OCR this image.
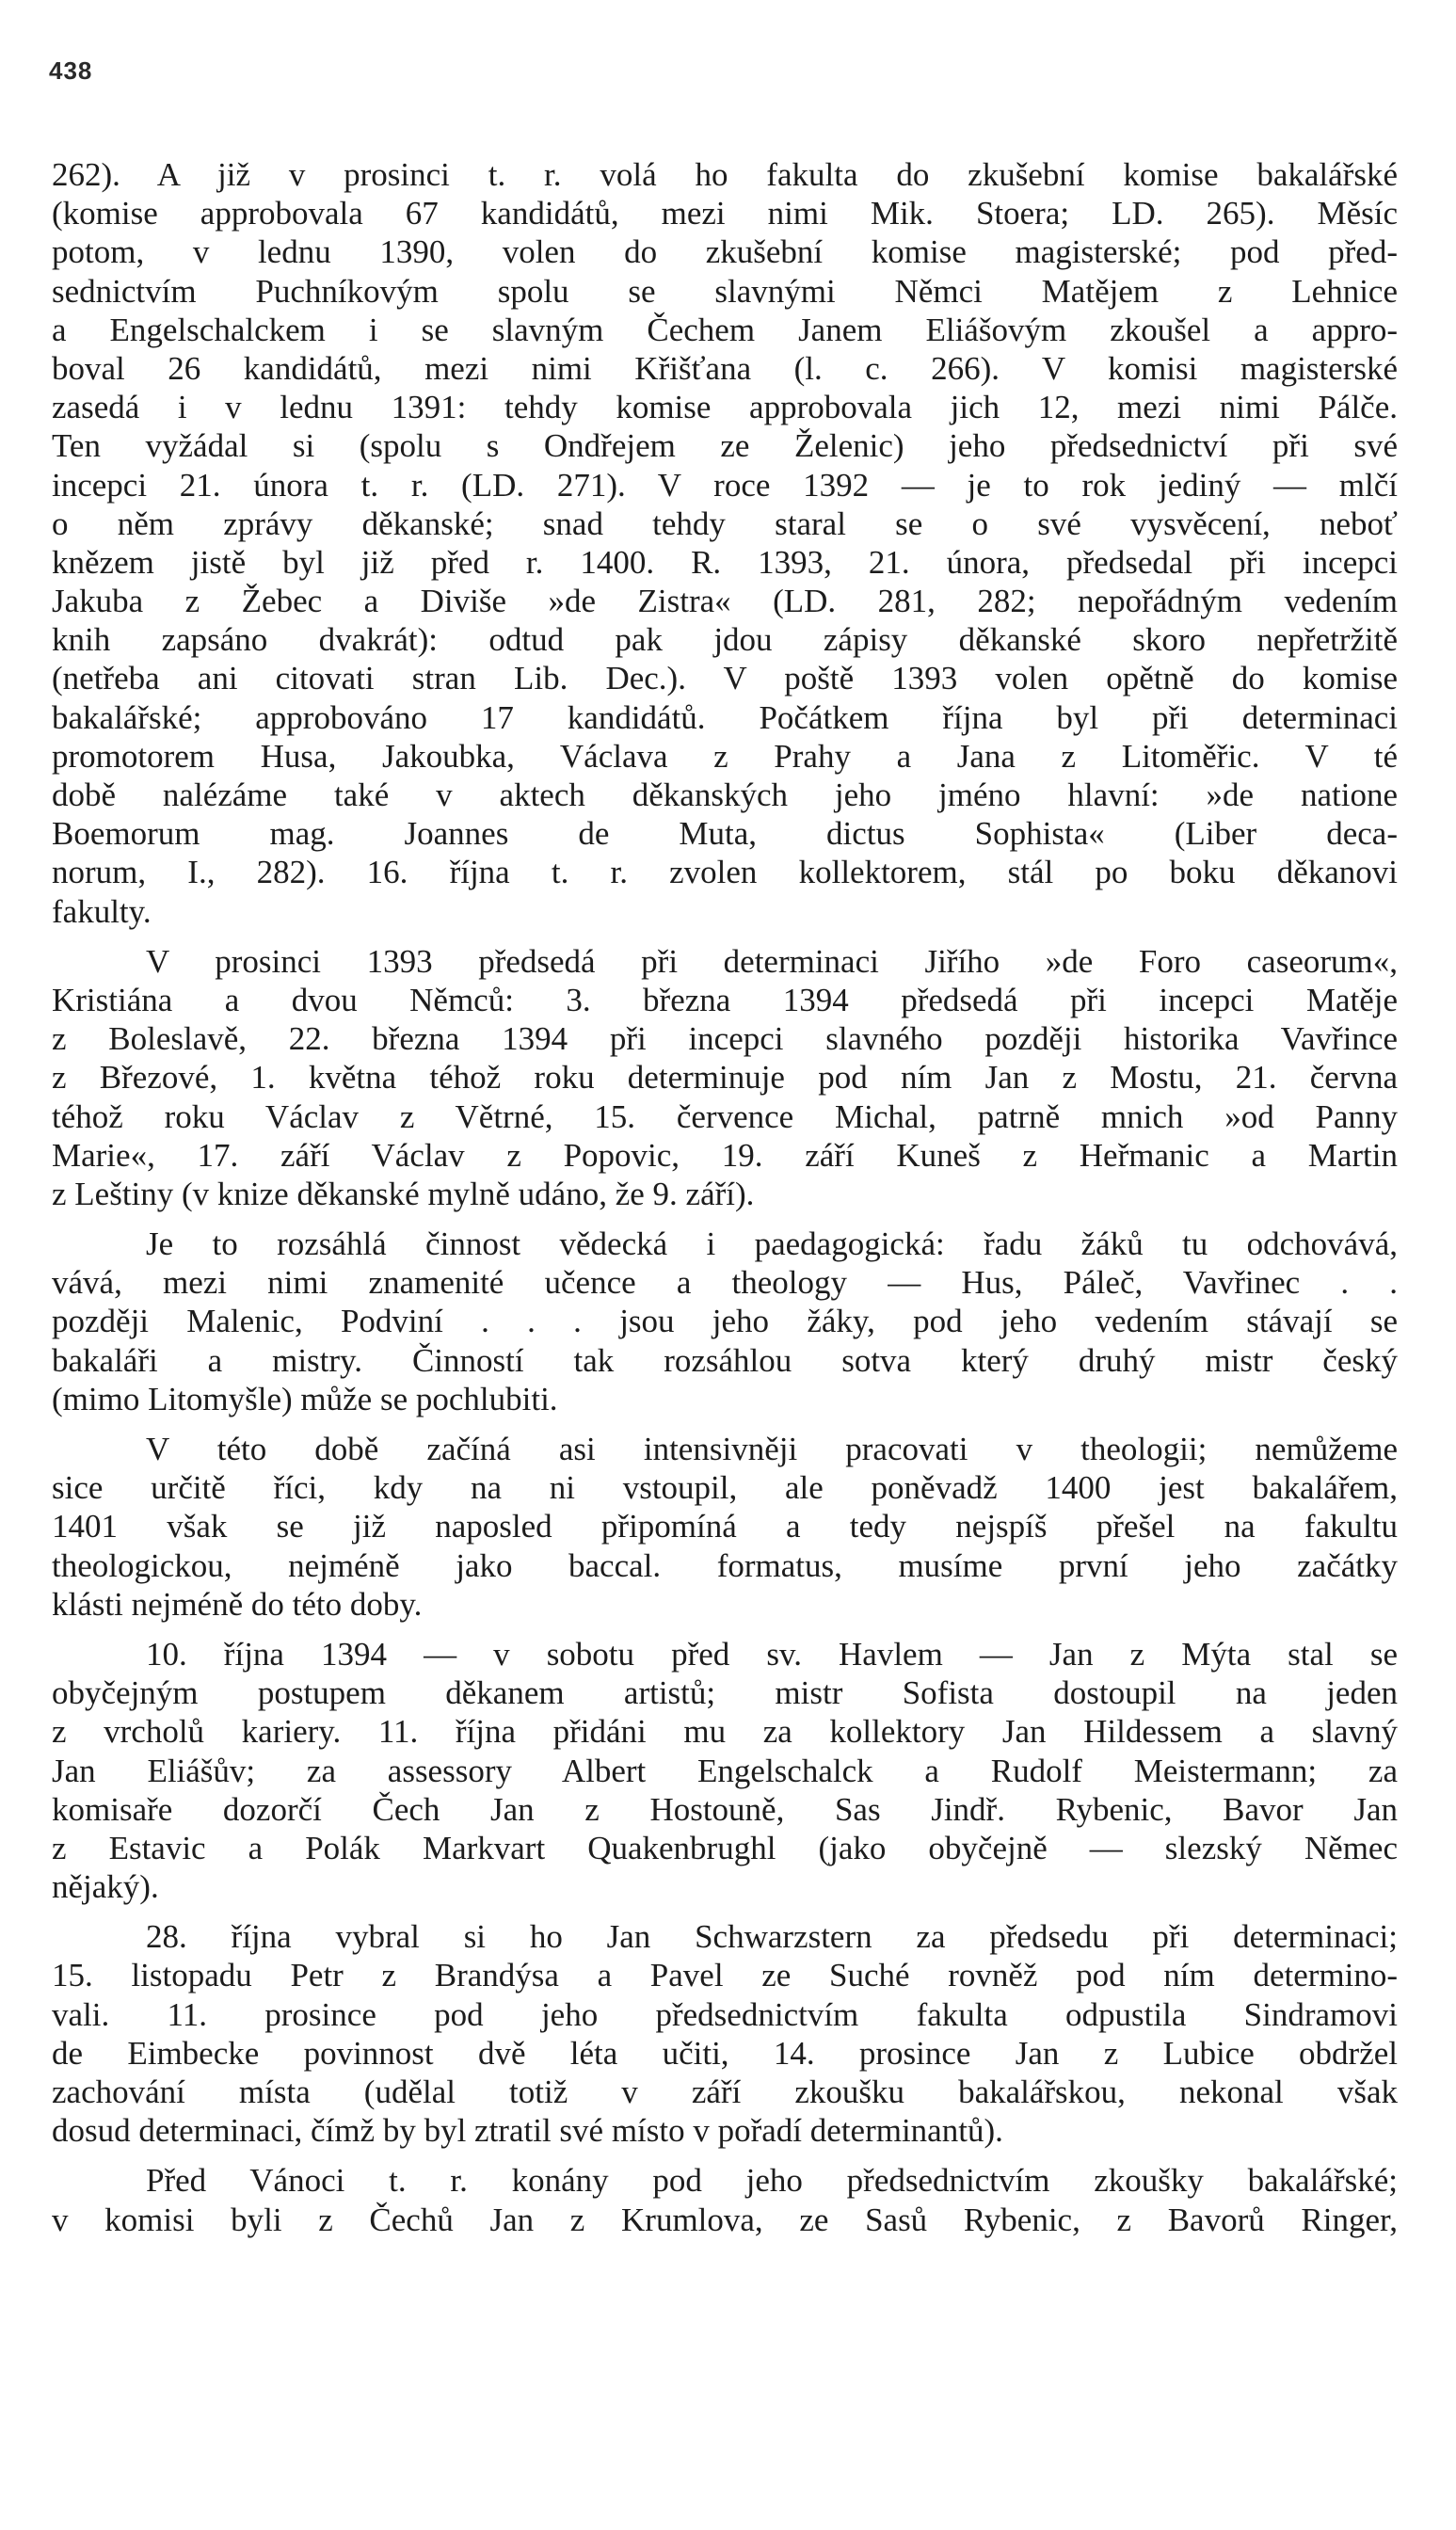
438
262). A již v prosinci t. r. volá ho fakulta do zkušební komise bakalářské
(komise approbovala 67 kandidátů, mezi nimi Mik. Stoera; LD. 265). Měsíc
potom, v lednu 1390, volen do zkušební komise magisterské; pod před-
sednictvím Puchníkovým spolu se slavnými Němci Matějem z Lehnice
a Engelschalckem i se slavným Čechem Janem Eliášovým zkoušel a appro-
boval 26 kandidátů, mezi nimi Křišťana (l. c. 266). V komisi magisterské
zasedá i v lednu 1391: tehdy komise approbovala jich 12, mezi nimi Pálče.
Ten vyžádal si (spolu s Ondřejem ze Želenic) jeho předsednictví při své
incepci 21. února t. r. (LD. 271). V roce 1392 — je to rok jediný — mlčí
o něm zprávy děkanské; snad tehdy staral se o své vysvěcení, neboť
knězem jistě byl již před r. 1400. R. 1393, 21. února, předsedal při incepci
Jakuba z Žebec a Diviše »de Zistra« (LD. 281, 282; nepořádným vedením
knih zapsáno dvakrát): odtud pak jdou zápisy děkanské skoro nepřetržitě
(netřeba ani citovati stran Lib. Dec.). V poště 1393 volen opětně do komise
bakalářské; approbováno 17 kandidátů. Počátkem října byl při determinaci
promotorem Husa, Jakoubka, Václava z Prahy a Jana z Litoměřic. V té
době nalézáme také v aktech děkanských jeho jméno hlavní: »de natione
Boemorum mag. Joannes de Muta, dictus Sophista« (Liber deca-
norum, I., 282). 16. října t. r. zvolen kollektorem, stál po boku děkanovi
fakulty.
V prosinci 1393 předsedá při determinaci Jiřího »de Foro caseorum«,
Kristiána a dvou Němců: 3. března 1394 předsedá při incepci Matěje
z Boleslavě, 22. března 1394 při incepci slavného později historika Vavřince
z Březové, 1. května téhož roku determinuje pod ním Jan z Mostu, 21. června
téhož roku Václav z Větrné, 15. července Michal, patrně mnich »od Panny
Marie«, 17. září Václav z Popovic, 19. září Kuneš z Heřmanic a Martin
z Leštiny (v knize děkanské mylně udáno, že 9. září).
Je to rozsáhlá činnost vědecká i paedagogická: řadu žáků tu odchovává,
vává, mezi nimi znamenité učence a theology — Hus, Páleč, Vavřinec . .
později Malenic, Podviní . . . jsou jeho žáky, pod jeho vedením stávají se
bakaláři a mistry. Činností tak rozsáhlou sotva který druhý mistr český
(mimo Litomyšle) může se pochlubiti.
V této době začíná asi intensivněji pracovati v theologii; nemůžeme
sice určitě říci, kdy na ni vstoupil, ale poněvadž 1400 jest bakalářem,
1401 však se již naposled připomíná a tedy nejspíš přešel na fakultu
theologickou, nejméně jako baccal. formatus, musíme první jeho začátky
klásti nejméně do této doby.
10. října 1394 — v sobotu před sv. Havlem — Jan z Mýta stal se
obyčejným postupem děkanem artistů; mistr Sofista dostoupil na jeden
z vrcholů kariery. 11. října přidáni mu za kollektory Jan Hildessem a slavný
Jan Eliášův; za assessory Albert Engelschalck a Rudolf Meistermann; za
komisaře dozorčí Čech Jan z Hostouně, Sas Jindř. Rybenic, Bavor Jan
z Estavic a Polák Markvart Quakenbrughl (jako obyčejně — slezský Němec
nějaký).
28. října vybral si ho Jan Schwarzstern za předsedu při determinaci;
15. listopadu Petr z Brandýsa a Pavel ze Suché rovněž pod ním determino-
vali. 11. prosince pod jeho předsednictvím fakulta odpustila Sindramovi
de Eimbecke povinnost dvě léta učiti, 14. prosince Jan z Lubice obdržel
zachování místa (udělal totiž v září zkoušku bakalářskou, nekonal však
dosud determinaci, čímž by byl ztratil své místo v pořadí determinantů).
Před Vánoci t. r. konány pod jeho předsednictvím zkoušky bakalářské;
v komisi byli z Čechů Jan z Krumlova, ze Sasů Rybenic, z Bavorů Ringer,
